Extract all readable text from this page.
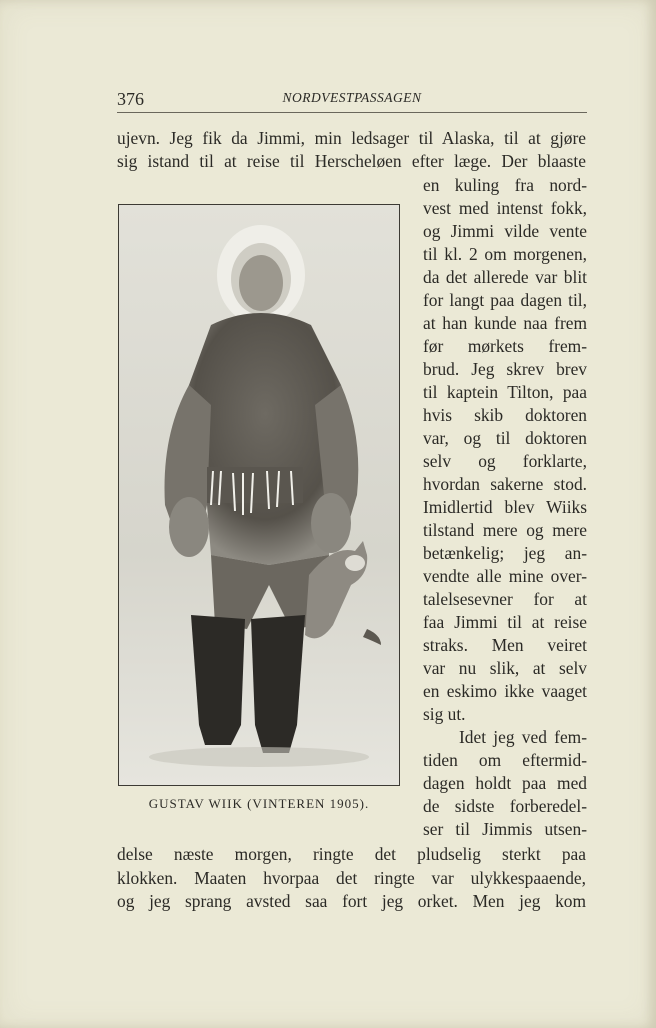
376	NORDVESTPASSAGEN
ujevn. Jeg fik da Jimmi, min ledsager til Alaska, til at gjøre
sig istand til at reise til Herscheløen efter læge. Der blaaste
en kuling fra nord-
vest med intenst fokk,
og Jimmi vilde vente
til kl. 2 om morgenen,
da det allerede var blit
for langt paa dagen til,
at han kunde naa frem
før mørkets frem-
brud. Jeg skrev brev
til kaptein Tilton, paa
hvis skib doktoren
var, og til doktoren
selv og forklarte,
hvordan sakerne stod.
Imidlertid blev Wiiks
tilstand mere og mere
betænkelig; jeg an-
vendte alle mine over-
talelsesevner for at
faa Jimmi til at reise
straks. Men veiret
var nu slik, at selv
en eskimo ikke vaaget
sig ut.
Idet jeg ved fem-
tiden om eftermid-
dagen holdt paa med
de sidste forberedel-
ser til Jimmis utsen-
delse næste morgen, ringte det pludselig sterkt paa
klokken. Maaten hvorpaa det ringte var ulykkespaaende,
og jeg sprang avsted saa fort jeg orket. Men jeg kom
GUSTAV WIIK (VINTEREN 1905).
